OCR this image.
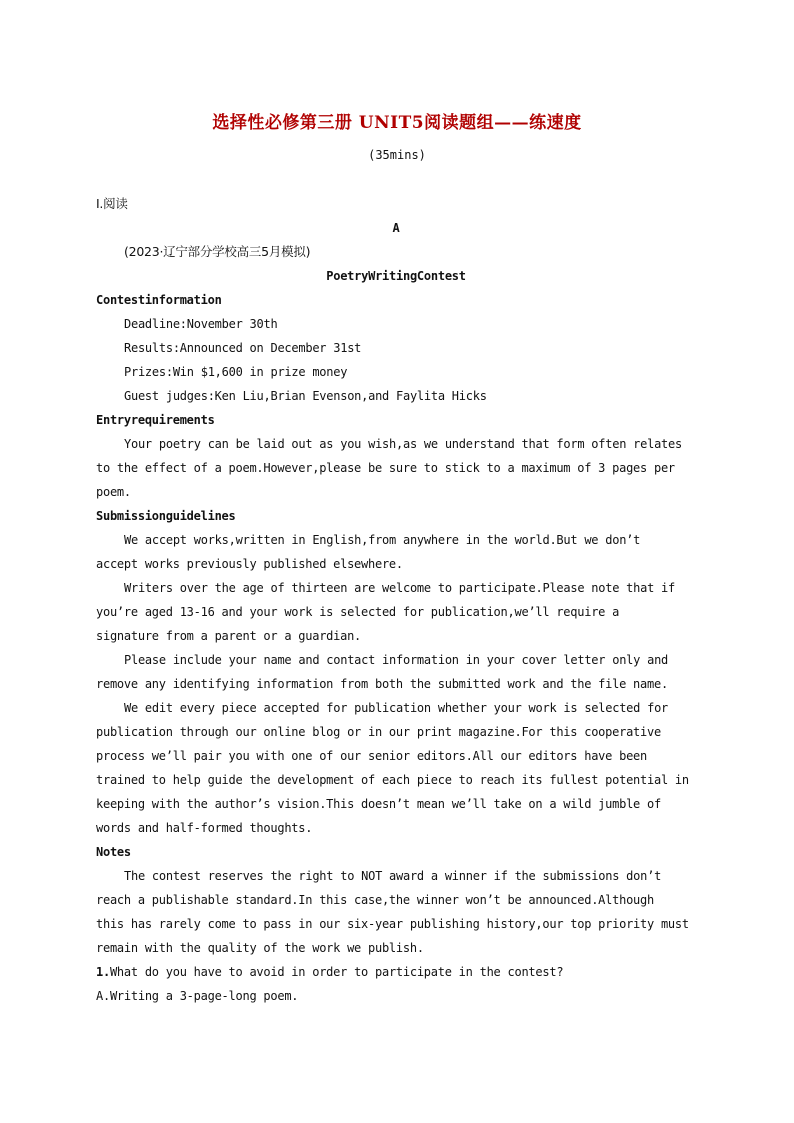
选择性必修第三册 UNIT5阅读题组——练速度
(35mins)
Ⅰ.阅读
A
(2023·辽宁部分学校高三5月模拟)
PoetryWritingContest
Contestinformation
Deadline:November 30th
Results:Announced on December 31st
Prizes:Win $1,600 in prize money
Guest judges:Ken Liu,Brian Evenson,and Faylita Hicks
Entryrequirements
Your poetry can be laid out as you wish,as we understand that form often relates
to the effect of a poem.However,please be sure to stick to a maximum of 3 pages per
poem.
Submissionguidelines
We accept works,written in English,from anywhere in the world.But we don’t
accept works previously published elsewhere.
Writers over the age of thirteen are welcome to participate.Please note that if
you’re aged 13-16 and your work is selected for publication,we’ll require a
signature from a parent or a guardian.
Please include your name and contact information in your cover letter only and
remove any identifying information from both the submitted work and the file name.
We edit every piece accepted for publication whether your work is selected for
publication through our online blog or in our print magazine.For this cooperative
process we’ll pair you with one of our senior editors.All our editors have been
trained to help guide the development of each piece to reach its fullest potential in
keeping with the author’s vision.This doesn’t mean we’ll take on a wild jumble of
words and half-formed thoughts.
Notes
The contest reserves the right to NOT award a winner if the submissions don’t
reach a publishable standard.In this case,the winner won’t be announced.Although
this has rarely come to pass in our six-year publishing history,our top priority must
remain with the quality of the work we publish.
1.What do you have to avoid in order to participate in the contest?
A.Writing a 3-page-long poem.
